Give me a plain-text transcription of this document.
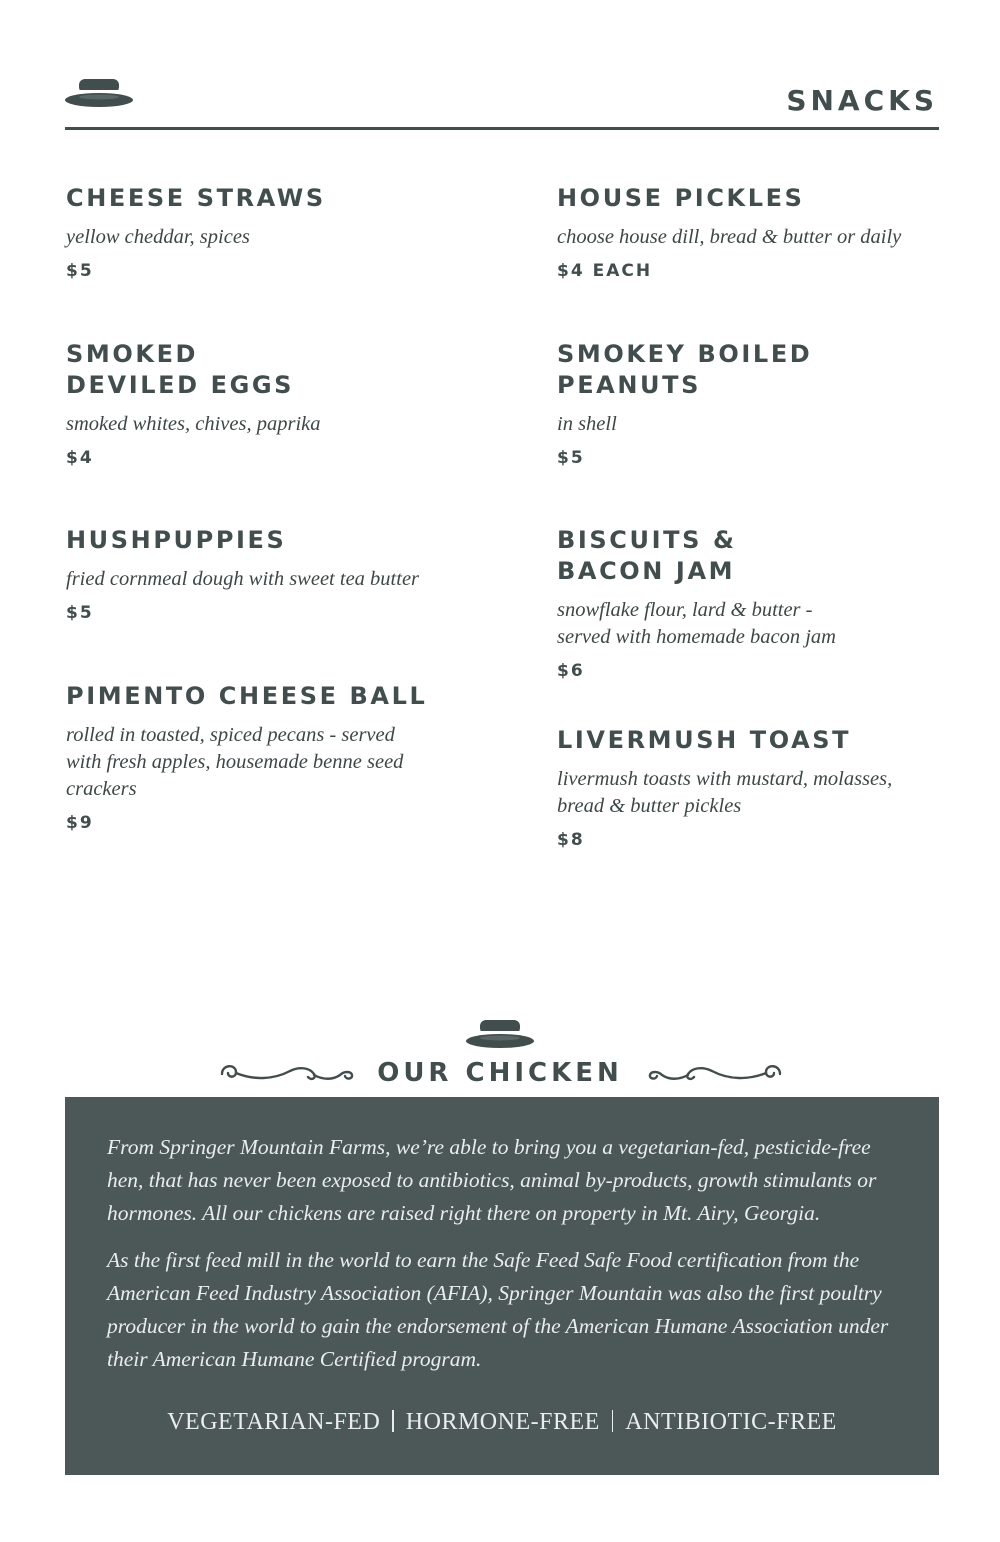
SNACKS
CHEESE STRAWS

yellow cheddar, spices

$5

SMOKED
DEVILED EGGS

smoked whites, chives, paprika

$4

HUSHPUPPIES

fried cornmeal dough with sweet tea butter

$5

PIMENTO CHEESE BALL

rolled in toasted, spiced pecans - served
with fresh apples, housemade benne seed
crackers

$9

HOUSE PICKLES

choose house dill, bread & butter or daily

$4 EACH

SMOKEY BOILED
PEANUTS

in shell

$5

BISCUITS &
BACON JAM

snowflake flour, lard & butter -
served with homemade bacon jam

$6

LIVERMUSH TOAST

livermush toasts with mustard, molasses,
bread & butter pickles

$8

OUR CHICKEN

From Springer Mountain Farms, we’re able to bring you a vegetarian-fed, pesticide-free hen, that has never been exposed to antibiotics, animal by-products, growth stimulants or hormones. All our chickens are raised right there on property in Mt. Airy, Georgia.

As the first feed mill in the world to earn the Safe Feed Safe Food certification from the American Feed Industry Association (AFIA), Springer Mountain was also the first poultry producer in the world to gain the endorsement of the American Humane Association under their American Humane Certified program.

VEGETARIAN-FED HORMONE-FREE ANTIBIOTIC-FREE
